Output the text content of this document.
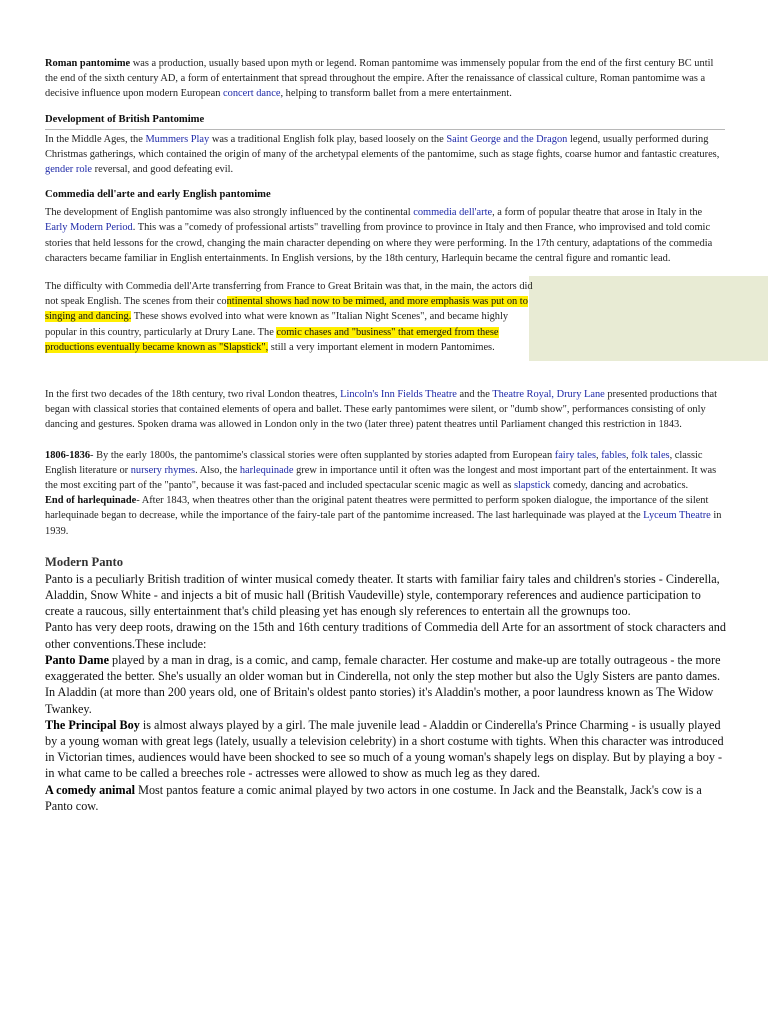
Roman pantomime was a production, usually based upon myth or legend. Roman pantomime was immensely popular from the end of the first century BC until the end of the sixth century AD, a form of entertainment that spread throughout the empire. After the renaissance of classical culture, Roman pantomime was a decisive influence upon modern European concert dance, helping to transform ballet from a mere entertainment.

Development of British Pantomime

In the Middle Ages, the Mummers Play was a traditional English folk play, based loosely on the Saint George and the Dragon legend, usually performed during Christmas gatherings, which contained the origin of many of the archetypal elements of the pantomime, such as stage fights, coarse humor and fantastic creatures, gender role reversal, and good defeating evil.

Commedia dell'arte and early English pantomime

The development of English pantomime was also strongly influenced by the continental commedia dell'arte, a form of popular theatre that arose in Italy in the Early Modern Period. This was a "comedy of professional artists" travelling from province to province in Italy and then France, who improvised and told comic stories that held lessons for the crowd, changing the main character depending on where they were performing. In the 17th century, adaptations of the commedia characters became familiar in English entertainments. In English versions, by the 18th century, Harlequin became the central figure and romantic lead.

The difficulty with Commedia dell'Arte transferring from France to Great Britain was that, in the main, the actors did not speak English. The scenes from their continental shows had now to be mimed, and more emphasis was put on to singing and dancing. These shows evolved into what were known as "Italian Night Scenes", and became highly popular in this country, particularly at Drury Lane. The comic chases and "business" that emerged from these productions eventually became known as "Slapstick", still a very important element in modern Pantomimes.

In the first two decades of the 18th century, two rival London theatres, Lincoln's Inn Fields Theatre and the Theatre Royal, Drury Lane presented productions that began with classical stories that contained elements of opera and ballet. These early pantomimes were silent, or "dumb show", performances consisting of only dancing and gestures. Spoken drama was allowed in London only in the two (later three) patent theatres until Parliament changed this restriction in 1843.

1806-1836- By the early 1800s, the pantomime's classical stories were often supplanted by stories adapted from European fairy tales, fables, folk tales, classic English literature or nursery rhymes. Also, the harlequinade grew in importance until it often was the longest and most important part of the entertainment. It was the most exciting part of the "panto", because it was fast-paced and included spectacular scenic magic as well as slapstick comedy, dancing and acrobatics.

End of harlequinade- After 1843, when theatres other than the original patent theatres were permitted to perform spoken dialogue, the importance of the silent harlequinade began to decrease, while the importance of the fairy-tale part of the pantomime increased. The last harlequinade was played at the Lyceum Theatre in 1939.

Modern Panto

Panto is a peculiarly British tradition of winter musical comedy theater. It starts with familiar fairy tales and children's stories - Cinderella, Aladdin, Snow White - and injects a bit of music hall (British Vaudeville) style, contemporary references and audience participation to create a raucous, silly entertainment that's child pleasing yet has enough sly references to entertain all the grownups too.

Panto has very deep roots, drawing on the 15th and 16th century traditions of Commedia dell Arte for an assortment of stock characters and other conventions.These include:

Panto Dame played by a man in drag, is a comic, and camp, female character. Her costume and make-up are totally outrageous - the more exaggerated the better. She's usually an older woman but in Cinderella, not only the step mother but also the Ugly Sisters are panto dames. In Aladdin (at more than 200 years old, one of Britain's oldest panto stories) it's Aladdin's mother, a poor laundress known as The Widow Twankey.

The Principal Boy is almost always played by a girl. The male juvenile lead - Aladdin or Cinderella's Prince Charming - is usually played by a young woman with great legs (lately, usually a television celebrity) in a short costume with tights. When this character was introduced in Victorian times, audiences would have been shocked to see so much of a young woman's shapely legs on display. But by playing a boy - in what came to be called a breeches role - actresses were allowed to show as much leg as they dared.

A comedy animal Most pantos feature a comic animal played by two actors in one costume. In Jack and the Beanstalk, Jack's cow is a Panto cow.
